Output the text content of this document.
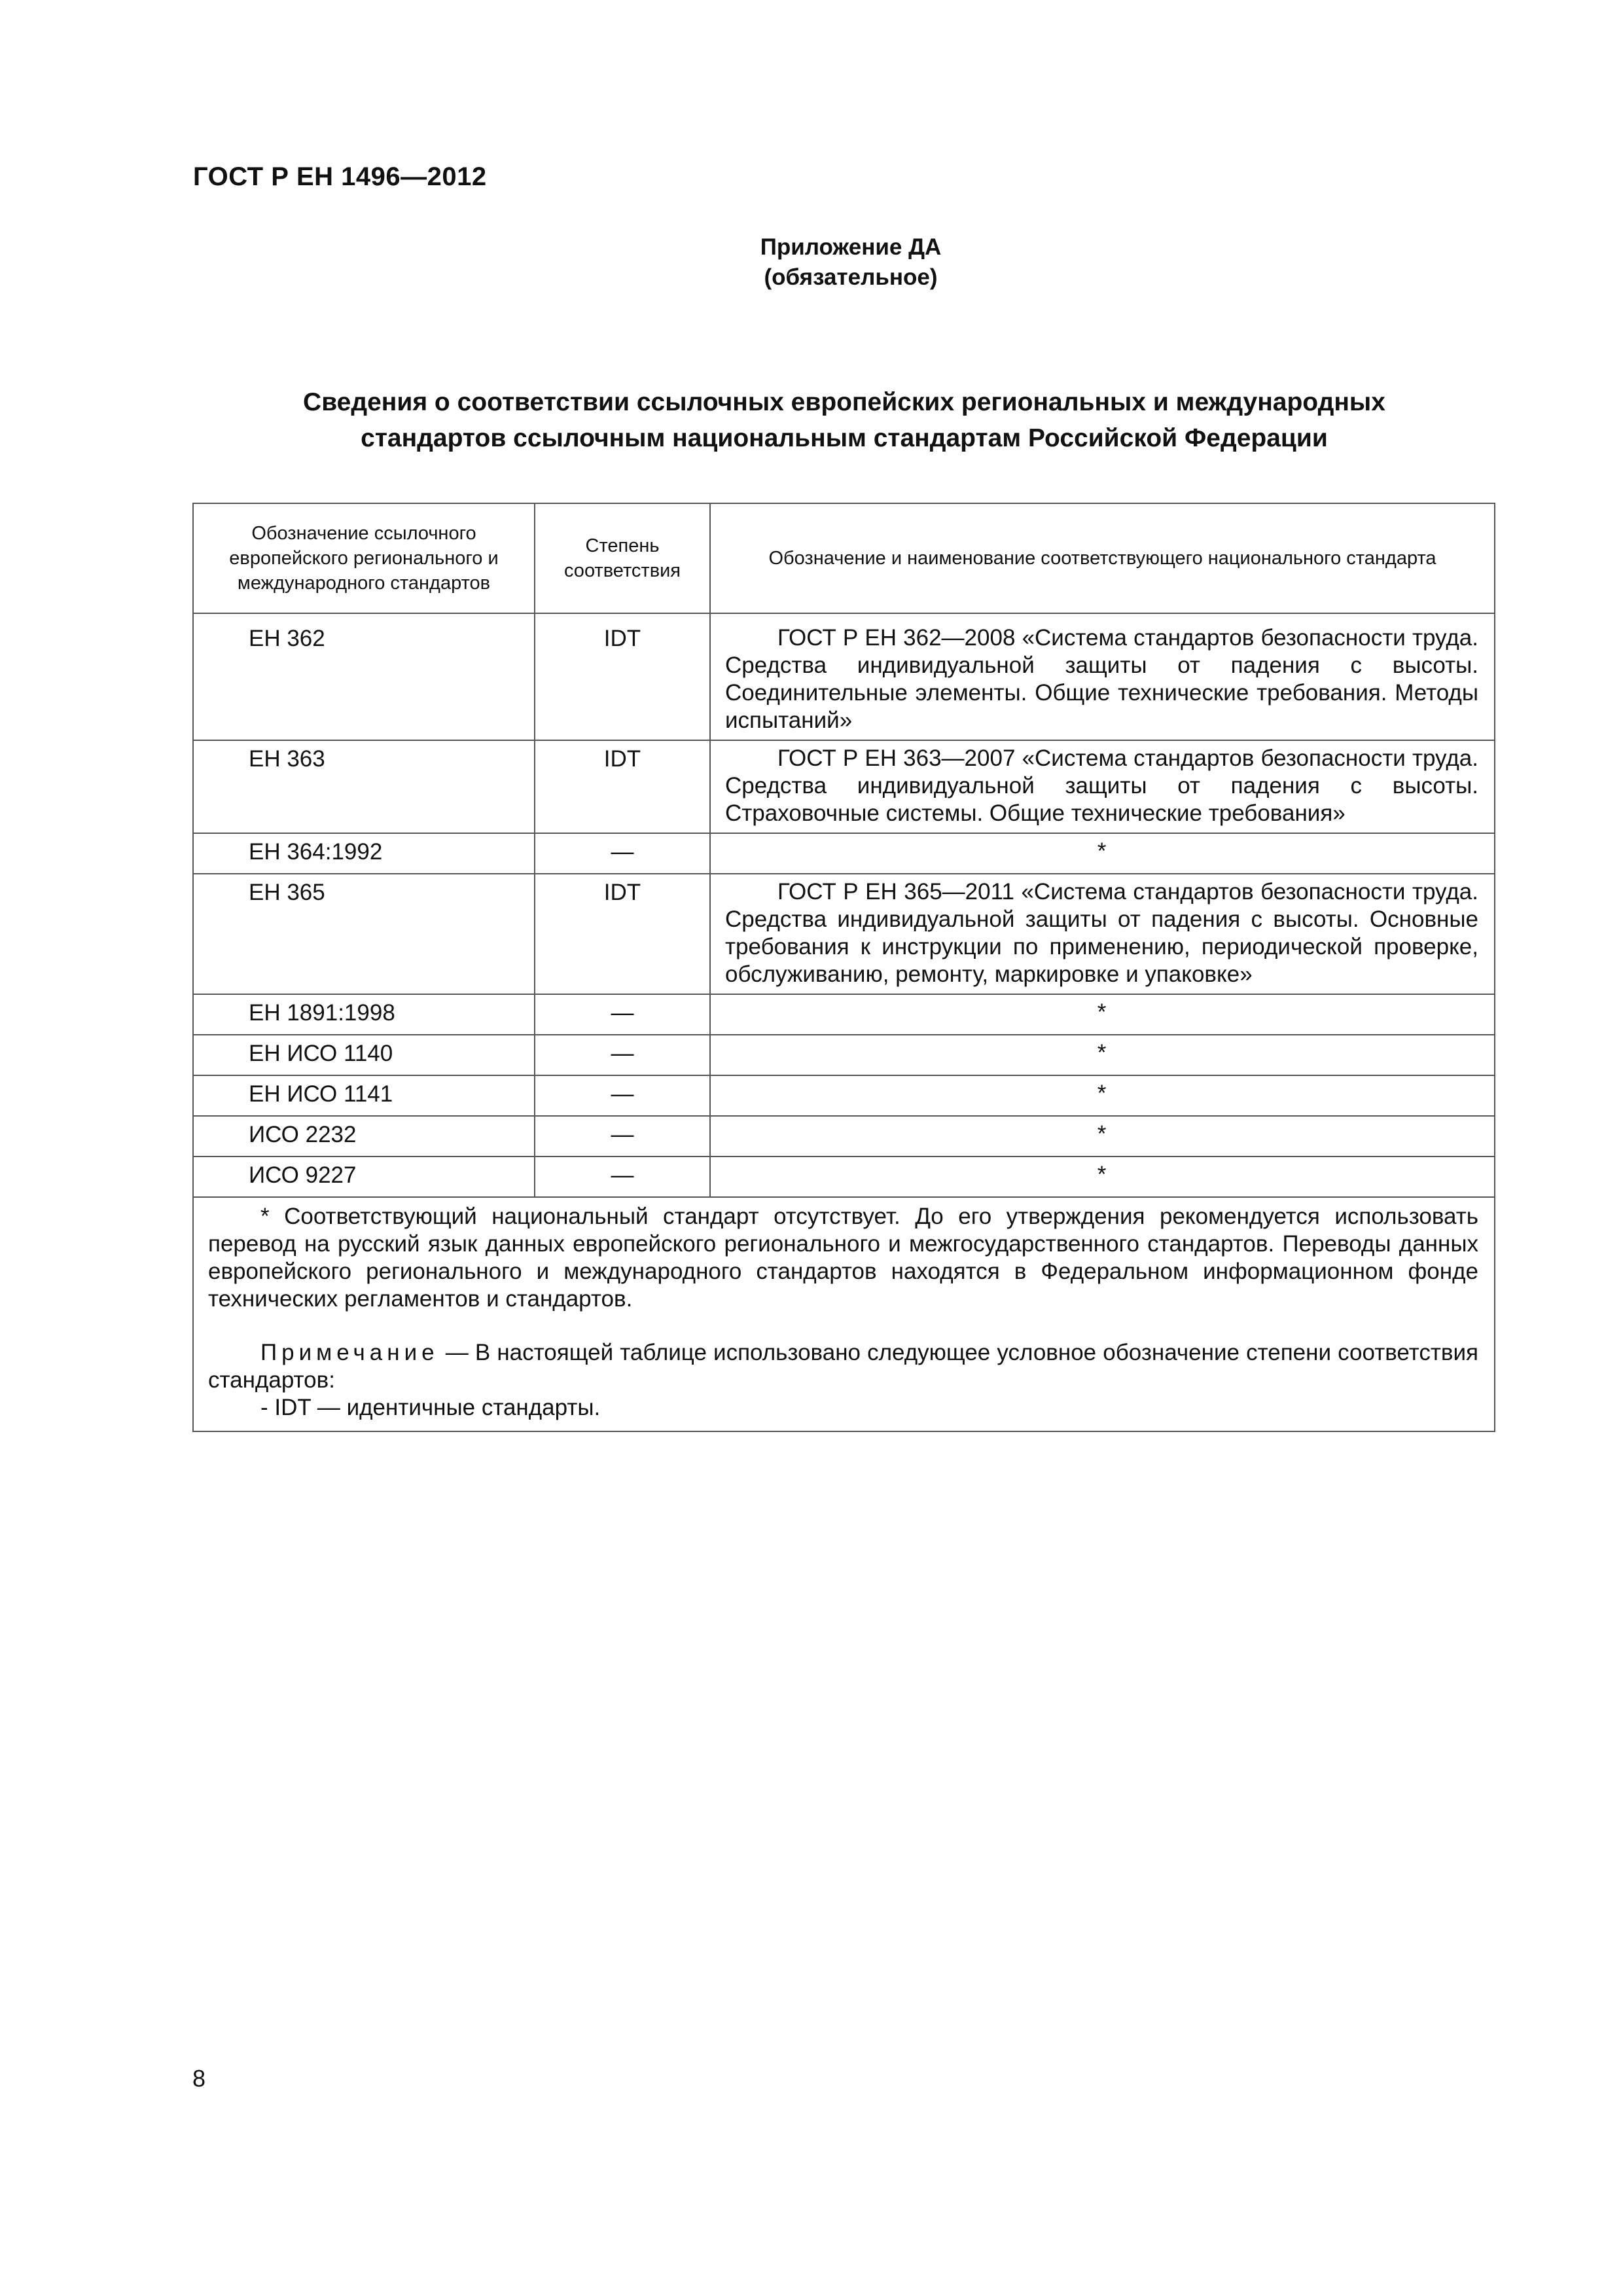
ГОСТ Р ЕН 1496—2012
Приложение ДА
(обязательное)
Сведения о соответствии ссылочных европейских региональных и международных
стандартов ссылочным национальным стандартам Российской Федерации
Обозначение ссылочного европейского регионального и международного стандартов	Степень соответствия	Обозначение и наименование соответствующего национального стандарта

ЕН 362	IDT	ГОСТ Р ЕН 362—2008 «Система стандартов безопасности труда. Средства индивидуальной защиты от падения с высоты. Соединительные элементы. Общие технические требования. Методы испытаний»
ЕН 363	IDT	ГОСТ Р ЕН 363—2007 «Система стандартов безопасности труда. Средства индивидуальной защиты от падения с высоты. Страховочные системы. Общие технические требования»
ЕН 364:1992	—	*
ЕН 365	IDT	ГОСТ Р ЕН 365—2011 «Система стандартов безопасности труда. Средства индивидуальной защиты от падения с высоты. Основные требования к инструкции по применению, периодической проверке, обслуживанию, ремонту, маркировке и упаковке»
ЕН 1891:1998	—	*
ЕН ИСО 1140	—	*
ЕН ИСО 1141	—	*
ИСО 2232	—	*
ИСО 9227	—	*

* Соответствующий национальный стандарт отсутствует. До его утверждения рекомендуется использовать перевод на русский язык данных европейского регионального и межгосударственного стандартов. Переводы данных европейского регионального и международного стандартов находятся в Федеральном информационном фонде технических регламентов и стандартов.

Примечание — В настоящей таблице использовано следующее условное обозначение степени соответствия стандартов:

- IDT — идентичные стандарты.		

8
